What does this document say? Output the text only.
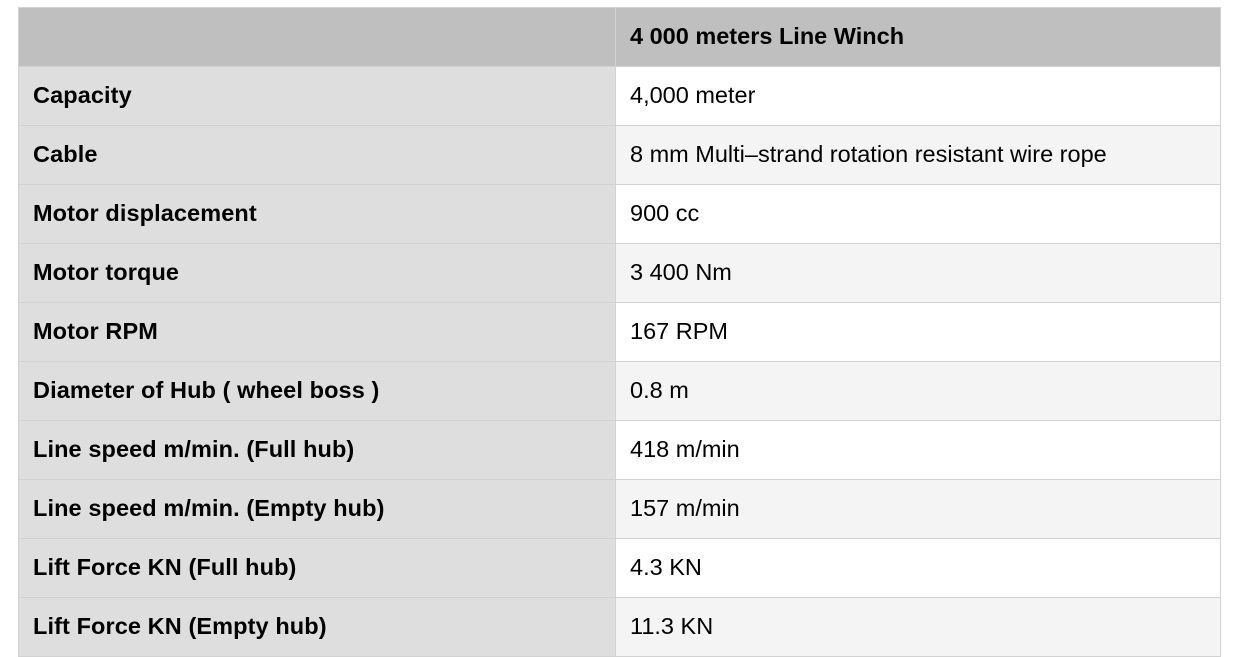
	4 000 meters Line Winch
Capacity	4,000 meter
Cable	8 mm Multi–strand rotation resistant wire rope
Motor displacement	900 cc
Motor torque	3 400 Nm
Motor RPM	167 RPM
Diameter of Hub ( wheel boss )	0.8 m
Line speed m/min. (Full hub)	418 m/min
Line speed m/min. (Empty hub)	157 m/min
Lift Force KN (Full hub)	4.3 KN
Lift Force KN (Empty hub)	11.3 KN
